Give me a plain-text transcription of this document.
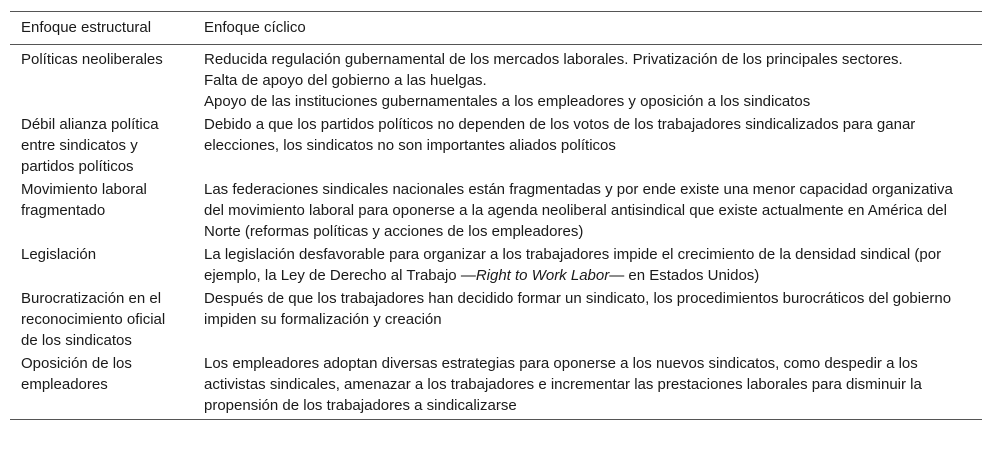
Enfoque estructural	Enfoque cíclico
Políticas neoliberales	Reducida regulación gubernamental de los mercados laborales. Privatización de los principales sectores.
Falta de apoyo del gobierno a las huelgas.
Apoyo de las instituciones gubernamentales a los empleadores y oposición a los sindicatos

Débil alianza política entre sindicatos y partidos políticos	Debido a que los partidos políticos no dependen de los votos de los trabajadores sindicalizados para ganar elecciones, los sindicatos no son importantes aliados políticos
Movimiento laboral fragmentado	Las federaciones sindicales nacionales están fragmentadas y por ende existe una menor capacidad organizativa del movimiento laboral para oponerse a la agenda neoliberal antisindical que existe actualmente en América del Norte (reformas políticas y acciones de los empleadores)
Legislación	La legislación desfavorable para organizar a los trabajadores impide el crecimiento de la densidad sindical (por ejemplo, la Ley de Derecho al Trabajo —Right to Work Labor— en Estados Unidos)
Burocratización en el reconocimiento oficial de los sindicatos	Después de que los trabajadores han decidido formar un sindicato, los procedimientos burocráticos del gobierno impiden su formalización y creación
Oposición de los empleadores	Los empleadores adoptan diversas estrategias para oponerse a los nuevos sindicatos, como despedir a los activistas sindicales, amenazar a los trabajadores e incrementar las prestaciones laborales para disminuir la propensión de los trabajadores a sindicalizarse
